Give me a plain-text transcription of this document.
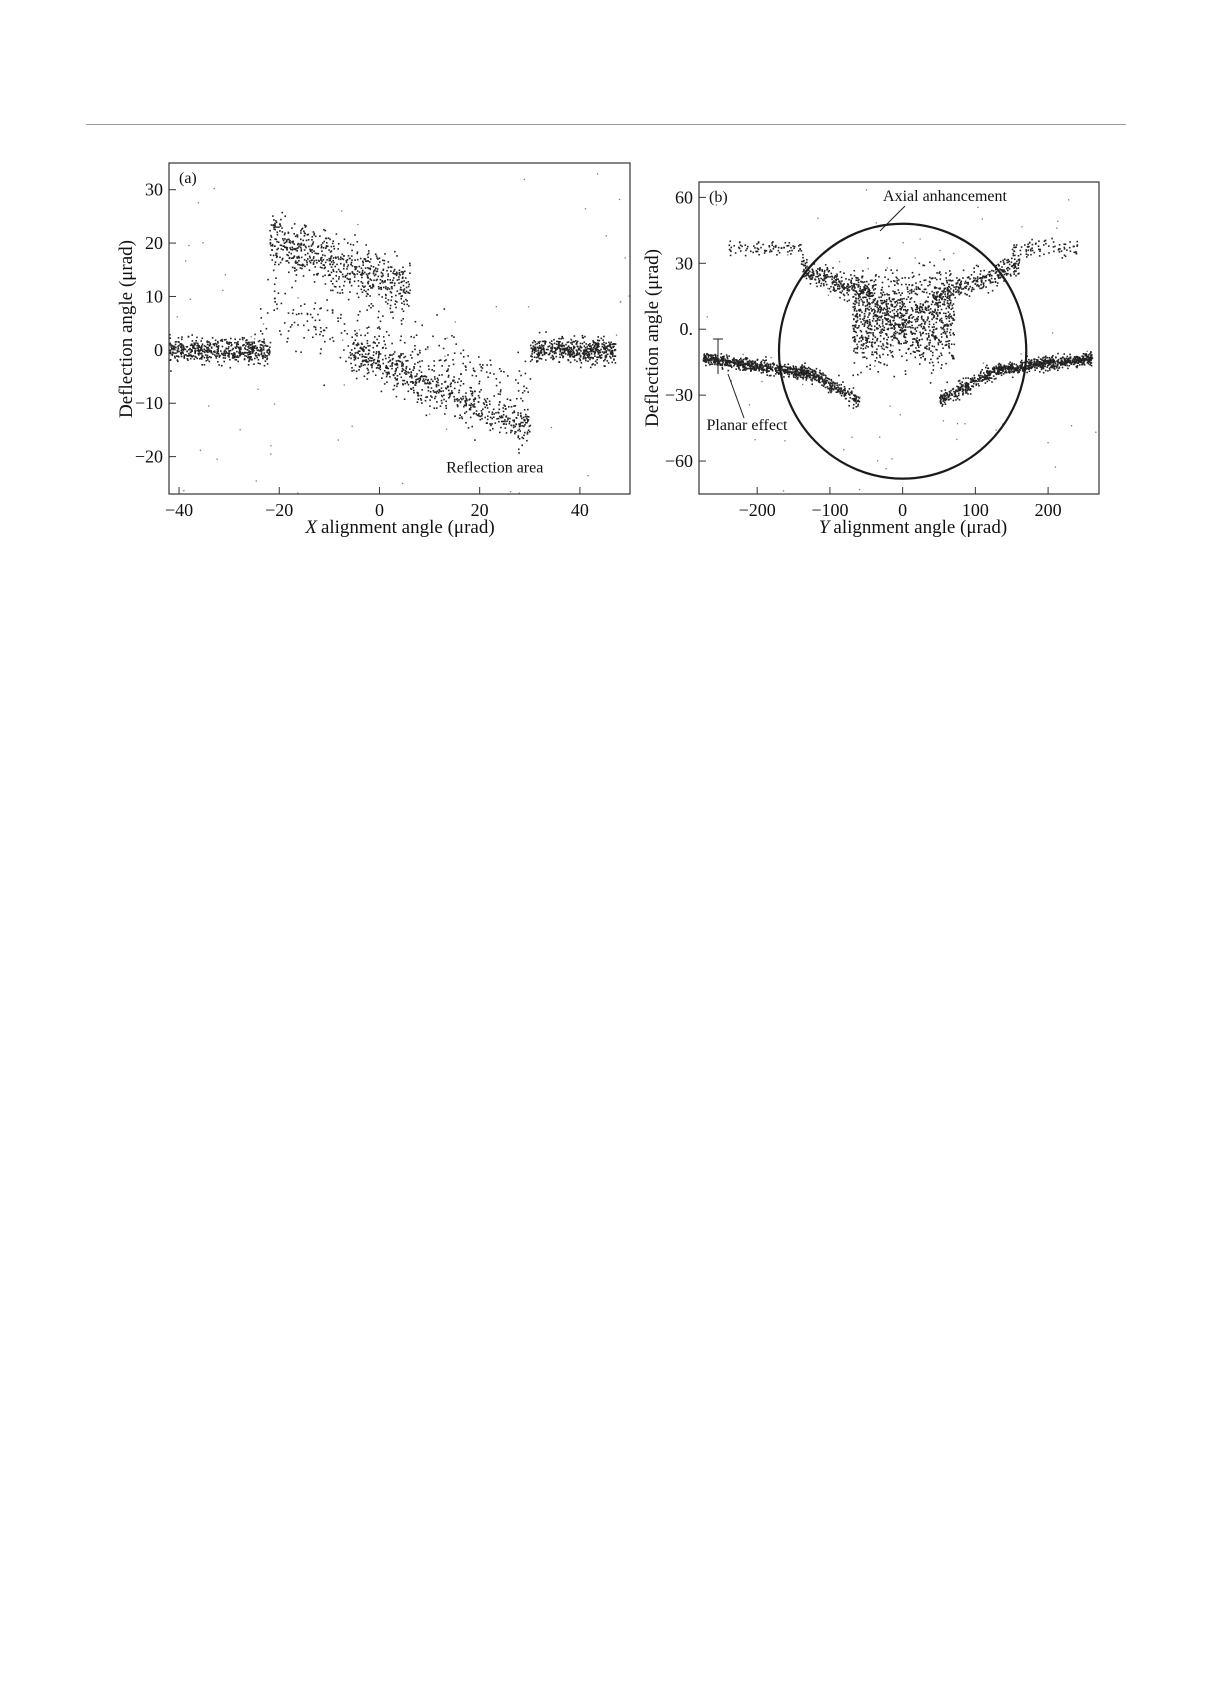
−40	−20	0	20	40
−20
−10
0
10
20
30
(a)
Reflection area
X alignment angle (μrad)
Deflection angle (μrad)
−200 −100	0	100	200
−60
−30
0.
30
60	Axial anhancement
Planar effect
(b)
Y alignment angle (μrad)
Deflection angle (μrad)
